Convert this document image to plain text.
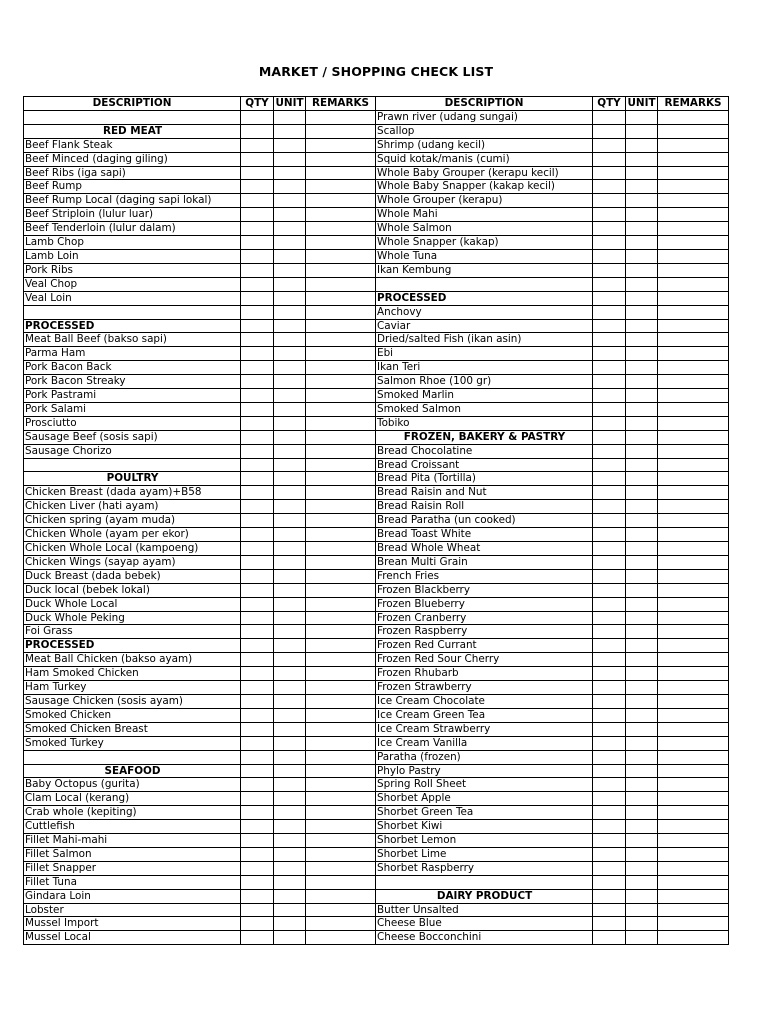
MARKET / SHOPPING CHECK LIST
DESCRIPTION	QTY	UNIT	REMARKS	DESCRIPTION	QTY	UNIT	REMARKS
				Prawn river (udang sungai)			
RED MEAT				Scallop			
Beef Flank Steak				Shrimp (udang kecil)			
Beef Minced (daging giling)				Squid kotak/manis (cumi)			
Beef Ribs (iga sapi)				Whole Baby Grouper (kerapu kecil)			
Beef Rump				Whole Baby Snapper (kakap kecil)			
Beef Rump Local (daging sapi lokal)				Whole Grouper (kerapu)			
Beef Striploin (lulur luar)				Whole Mahi			
Beef Tenderloin (lulur dalam)				Whole Salmon			
Lamb Chop				Whole Snapper (kakap)			
Lamb Loin				Whole Tuna			
Pork Ribs				Ikan Kembung			
Veal Chop							
Veal Loin				PROCESSED			
				Anchovy			
PROCESSED				Caviar			
Meat Ball Beef (bakso sapi)				Dried/salted Fish (ikan asin)			
Parma Ham				Ebi			
Pork Bacon Back				Ikan Teri			
Pork Bacon Streaky				Salmon Rhoe (100 gr)			
Pork Pastrami				Smoked Marlin			
Pork Salami				Smoked Salmon			
Prosciutto				Tobiko			
Sausage Beef (sosis sapi)				FROZEN, BAKERY & PASTRY			
Sausage Chorizo				Bread Chocolatine			
				Bread Croissant			
POULTRY				Bread Pita (Tortilla)			
Chicken Breast (dada ayam)+B58				Bread Raisin and Nut			
Chicken Liver (hati ayam)				Bread Raisin Roll			
Chicken spring (ayam muda)				Bread Paratha (un cooked)			
Chicken Whole (ayam per ekor)				Bread Toast White			
Chicken Whole Local (kampoeng)				Bread Whole Wheat			
Chicken Wings (sayap ayam)				Brean Multi Grain			
Duck Breast (dada bebek)				French Fries			
Duck local (bebek lokal)				Frozen Blackberry			
Duck Whole Local				Frozen Blueberry			
Duck Whole Peking				Frozen Cranberry			
Foi Grass				Frozen Raspberry			
PROCESSED				Frozen Red Currant			
Meat Ball Chicken (bakso ayam)				Frozen Red Sour Cherry			
Ham Smoked Chicken				Frozen Rhubarb			
Ham Turkey				Frozen Strawberry			
Sausage Chicken (sosis ayam)				Ice Cream Chocolate			
Smoked Chicken				Ice Cream Green Tea			
Smoked Chicken Breast				Ice Cream Strawberry			
Smoked Turkey				Ice Cream Vanilla			
				Paratha (frozen)			
SEAFOOD				Phylo Pastry			
Baby Octopus (gurita)				Spring Roll Sheet			
Clam Local (kerang)				Shorbet Apple			
Crab whole (kepiting)				Shorbet Green Tea			
Cuttlefish				Shorbet Kiwi			
Fillet Mahi-mahi				Shorbet Lemon			
Fillet Salmon				Shorbet Lime			
Fillet Snapper				Shorbet Raspberry			
Fillet Tuna							
Gindara Loin				DAIRY PRODUCT			
Lobster				Butter Unsalted			
Mussel Import				Cheese Blue			
Mussel Local				Cheese Bocconchini			
